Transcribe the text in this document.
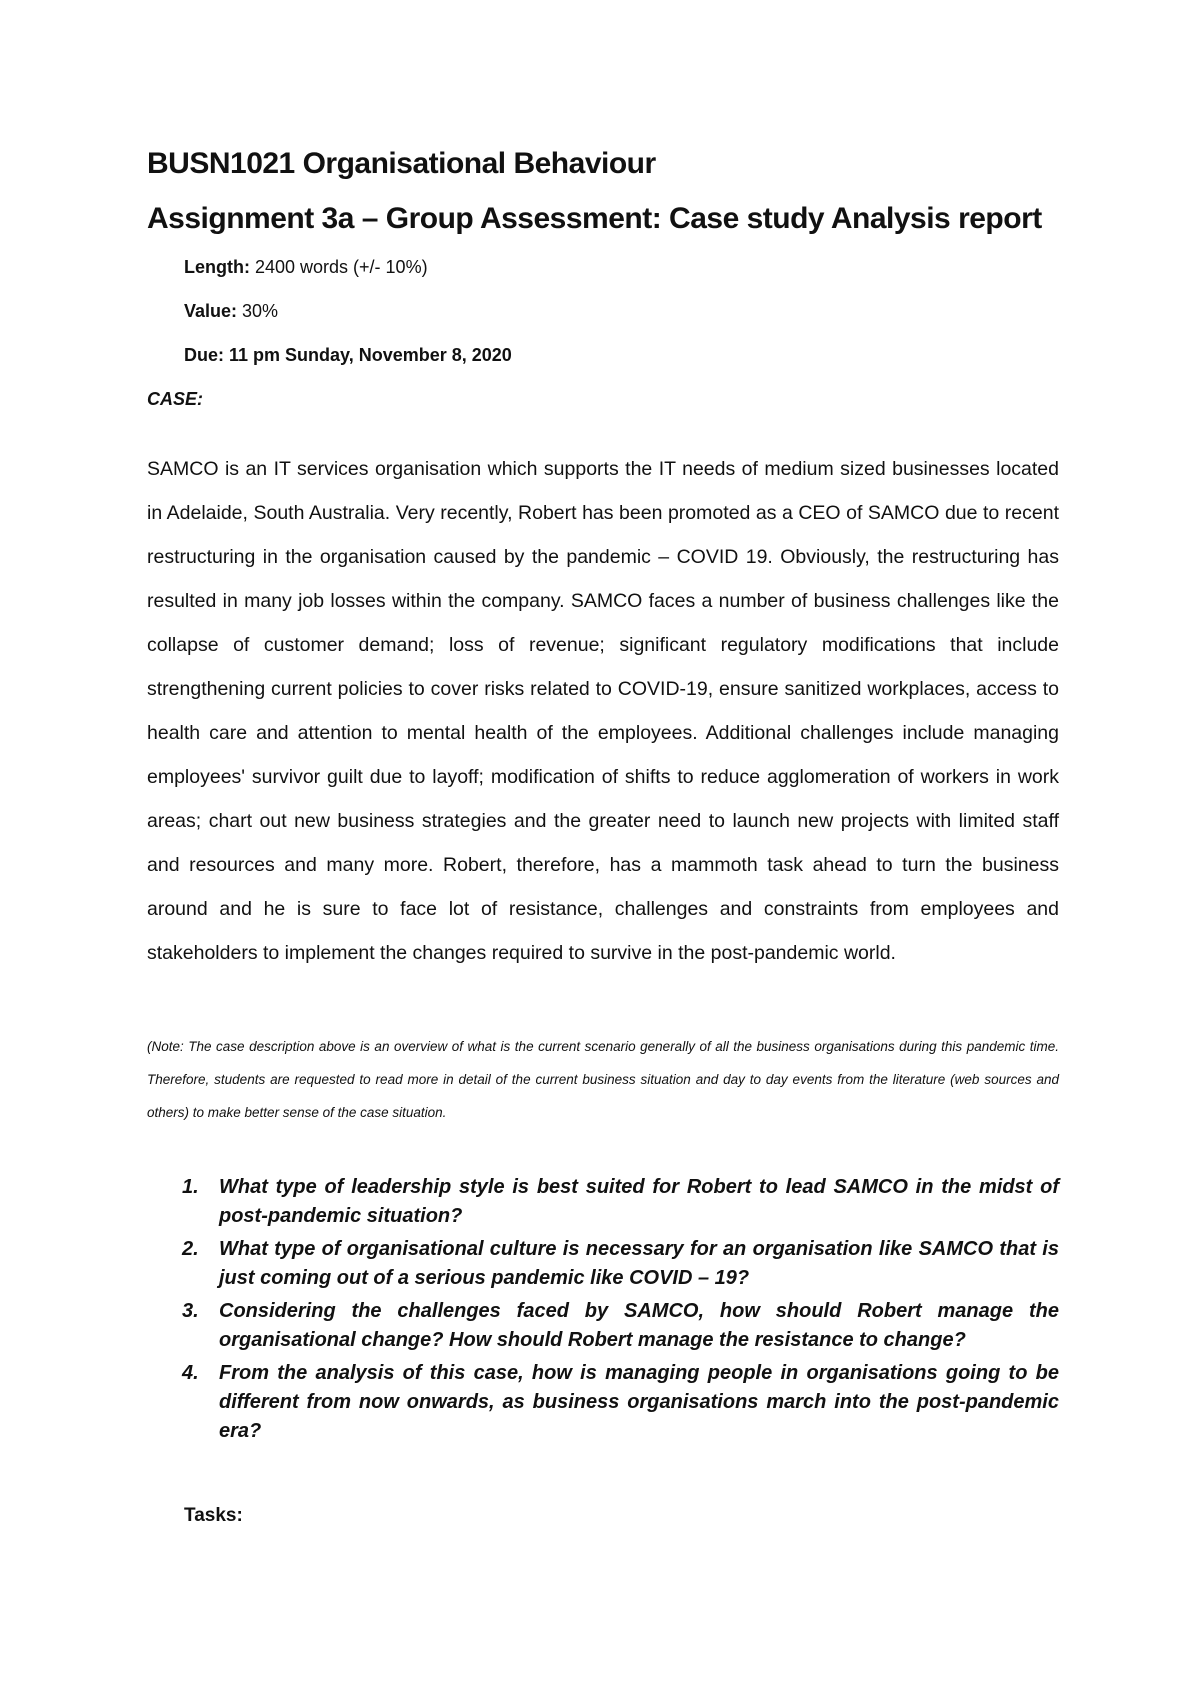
BUSN1021 Organisational Behaviour
Assignment 3a – Group Assessment: Case study Analysis report
Length: 2400 words (+/- 10%)
Value: 30%
Due: 11 pm Sunday, November 8, 2020
CASE:

SAMCO is an IT services organisation which supports the IT needs of medium sized businesses located in Adelaide, South Australia. Very recently, Robert has been promoted as a CEO of SAMCO due to recent restructuring in the organisation caused by the pandemic – COVID 19. Obviously, the restructuring has resulted in many job losses within the company. SAMCO faces a number of business challenges like the collapse of customer demand; loss of revenue; significant regulatory modifications that include strengthening current policies to cover risks related to COVID-19, ensure sanitized workplaces, access to health care and attention to mental health of the employees. Additional challenges include managing employees' survivor guilt due to layoff; modification of shifts to reduce agglomeration of workers in work areas; chart out new business strategies and the greater need to launch new projects with limited staff and resources and many more. Robert, therefore, has a mammoth task ahead to turn the business around and he is sure to face lot of resistance, challenges and constraints from employees and stakeholders to implement the changes required to survive in the post-pandemic world.

(Note: The case description above is an overview of what is the current scenario generally of all the business organisations during this pandemic time. Therefore, students are requested to read more in detail of the current business situation and day to day events from the literature (web sources and others) to make better sense of the case situation.

1. What type of leadership style is best suited for Robert to lead SAMCO in the midst of post-pandemic situation?
2. What type of organisational culture is necessary for an organisation like SAMCO that is just coming out of a serious pandemic like COVID – 19?
3. Considering the challenges faced by SAMCO, how should Robert manage the organisational change? How should Robert manage the resistance to change?
4. From the analysis of this case, how is managing people in organisations going to be different from now onwards, as business organisations march into the post-pandemic era?
Tasks:
